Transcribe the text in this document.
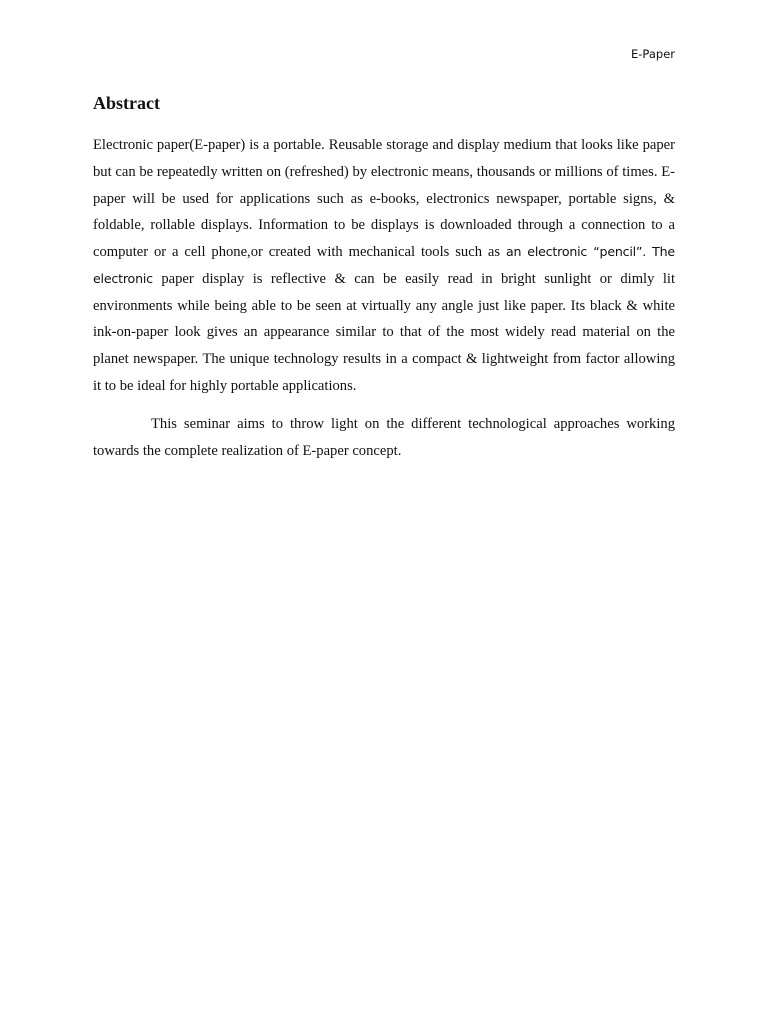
E-Paper
Abstract

Electronic paper(E-paper) is a portable. Reusable storage and display medium that looks like paper but can be repeatedly written on (refreshed) by electronic means, thousands or millions of times. E-paper will be used for applications such as e-books, electronics newspaper, portable signs, & foldable, rollable displays. Information to be displays is downloaded through a connection to a computer or a cell phone,or created with mechanical tools such as an electronic “pencil”. The electronic paper display is reflective & can be easily read in bright sunlight or dimly lit environments while being able to be seen at virtually any angle just like paper. Its black & white ink-on-paper look gives an appearance similar to that of the most widely read material on the planet newspaper. The unique technology results in a compact & lightweight from factor allowing it to be ideal for highly portable applications.

This seminar aims to throw light on the different technological approaches working towards the complete realization of E-paper concept.
